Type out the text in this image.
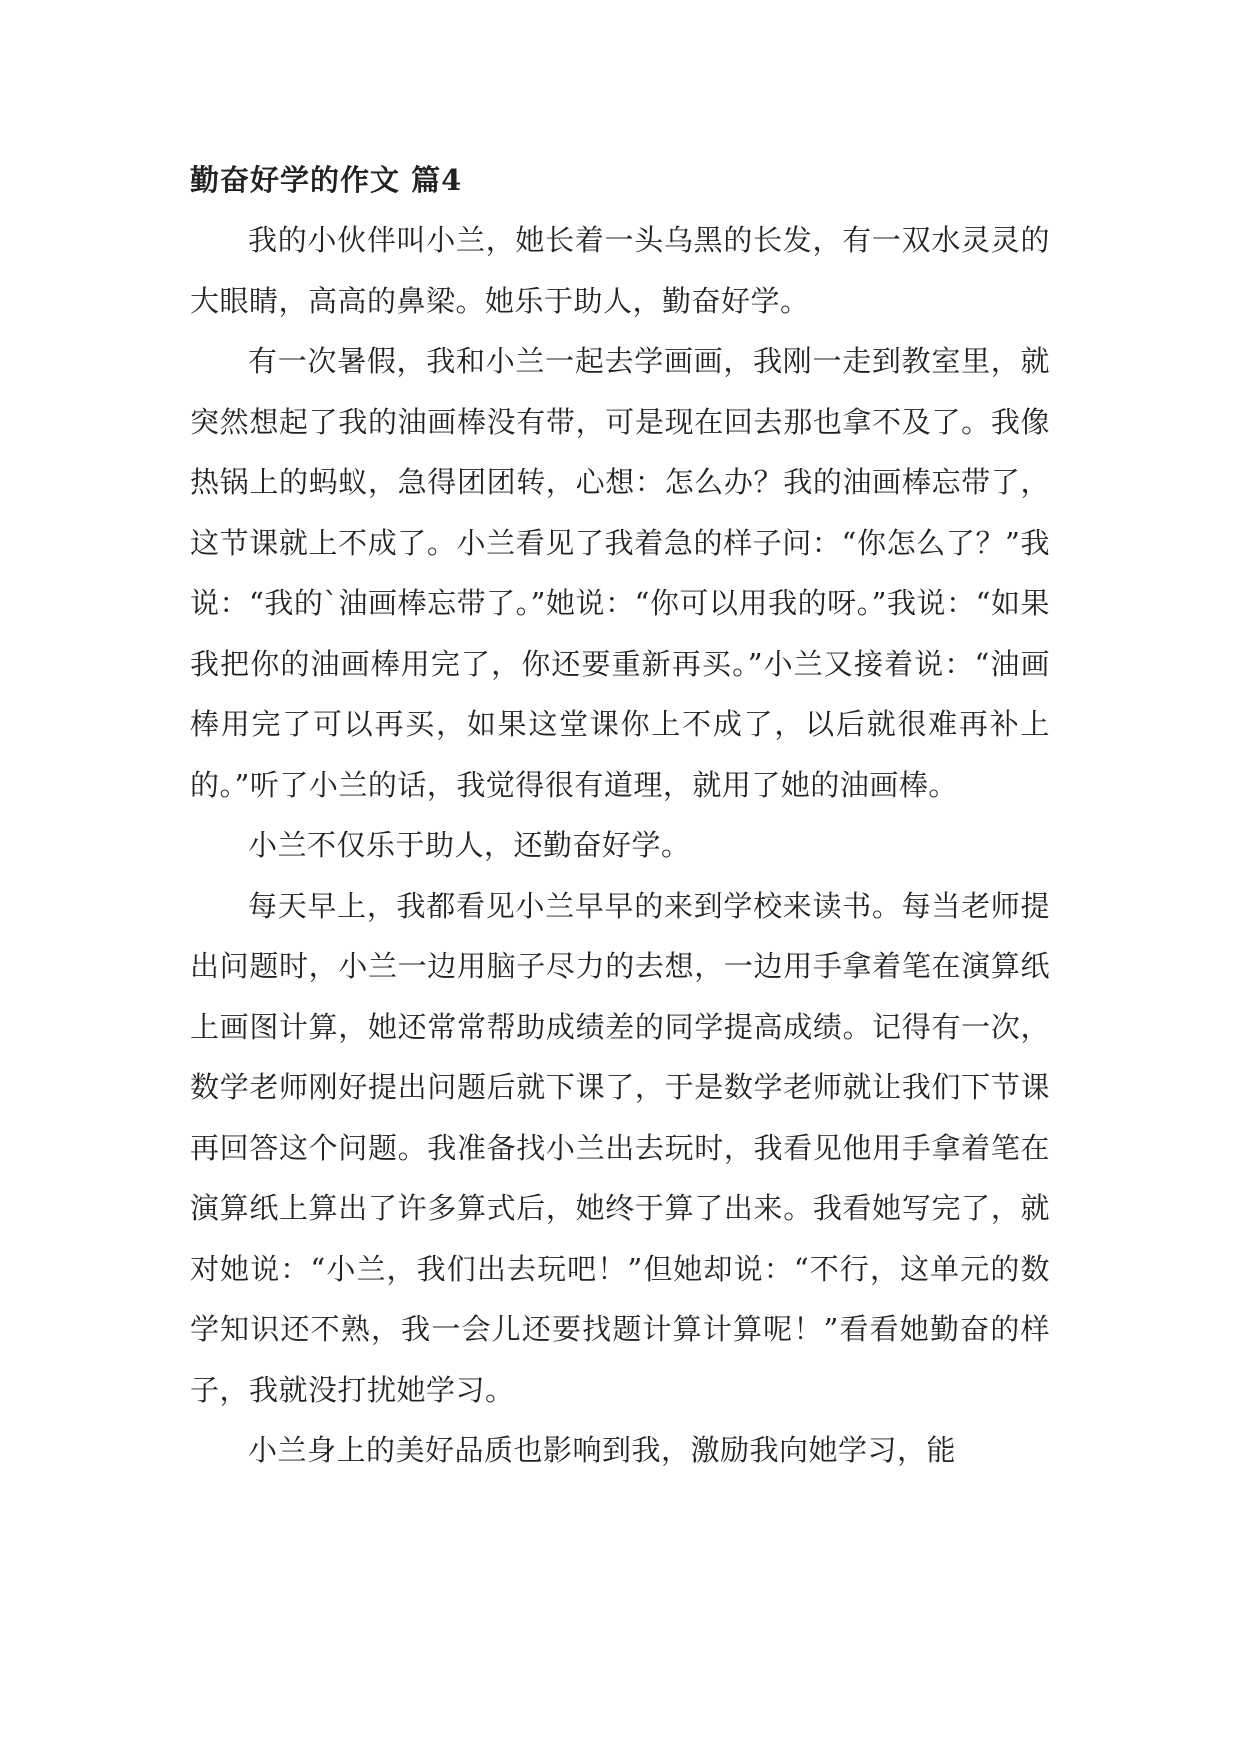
勤奋好学的作文 篇4

我的小伙伴叫小兰，她长着一头乌黑的长发，有一双水灵灵的大眼睛，高高的鼻梁。她乐于助人，勤奋好学。

有一次暑假，我和小兰一起去学画画，我刚一走到教室里，就突然想起了我的油画棒没有带，可是现在回去那也拿不及了。我像热锅上的蚂蚁，急得团团转，心想：怎么办？我的油画棒忘带了，这节课就上不成了。小兰看见了我着急的样子问：“你怎么了？”我说：“我的`油画棒忘带了。”她说：“你可以用我的呀。”我说：“如果我把你的油画棒用完了，你还要重新再买。”小兰又接着说：“油画棒用完了可以再买，如果这堂课你上不成了，以后就很难再补上的。”听了小兰的话，我觉得很有道理，就用了她的油画棒。

小兰不仅乐于助人，还勤奋好学。

每天早上，我都看见小兰早早的来到学校来读书。每当老师提出问题时，小兰一边用脑子尽力的去想，一边用手拿着笔在演算纸上画图计算，她还常常帮助成绩差的同学提高成绩。记得有一次，数学老师刚好提出问题后就下课了，于是数学老师就让我们下节课再回答这个问题。我准备找小兰出去玩时，我看见他用手拿着笔在演算纸上算出了许多算式后，她终于算了出来。我看她写完了，就对她说：“小兰，我们出去玩吧！”但她却说：“不行，这单元的数学知识还不熟，我一会儿还要找题计算计算呢！”看看她勤奋的样子，我就没打扰她学习。

小兰身上的美好品质也影响到我，激励我向她学习，能
